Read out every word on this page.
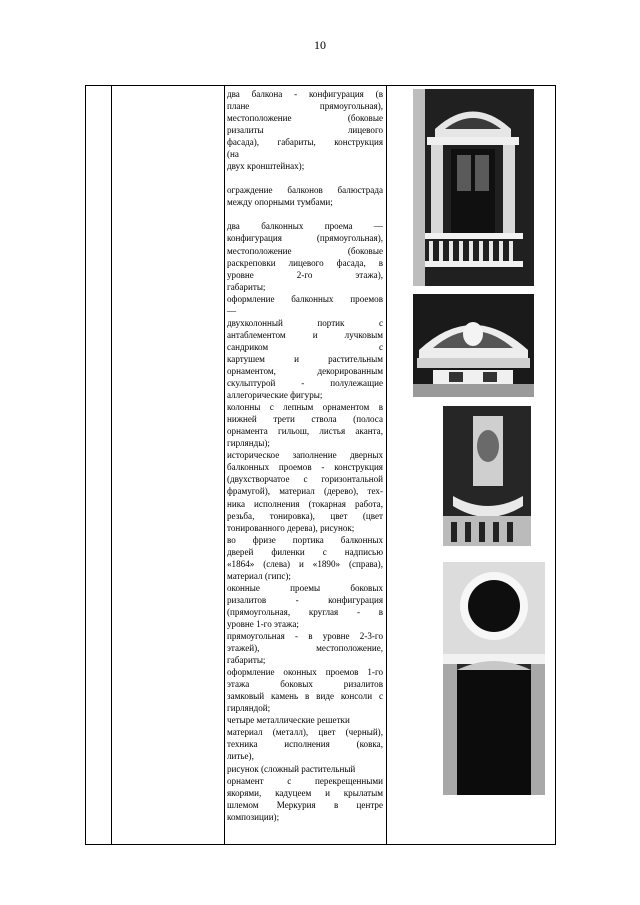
10

два балкона - конфигурация (в

плане прямоугольная),

местоположение (боковые

ризалиты лицевого

фасада), габариты, конструкция

(на

двух кронштейнах);

ограждение балконов балюстрада

между опорными тумбами;

два балконных проема —

конфигурация (прямоугольная),

местоположение (боковые

раскреповки лицевого фасада, в

уровне 2-го этажа),

габариты;

оформление балконных проемов

—

двухколонный портик с

антаблементом и лучковым

сандриком с

картушем и растительным

орнаментом, декорированным

скульптурой - полулежащие

аллегорические фигуры;

колонны с лепным орнаментом в

нижней трети ствола (полоса

орнамента гильош, листья аканта,

гирлянды);

историческое заполнение дверных

балконных проемов - конструкция

(двухстворчатое с горизонтальной

фрамугой), материал (дерево), тех-

ника исполнения (токарная работа,

резьба, тонировка), цвет (цвет

тонированного дерева), рисунок;

во фризе портика балконных

дверей филенки с надписью

«1864» (слева) и «1890» (справа),

материал (гипс);

оконные проемы боковых

ризалитов - конфигурация

(прямоугольная, круглая - в

уровне 1-го этажа;

прямоугольная - в уровне 2-3-го

этажей), местоположение,

габариты;

оформление оконных проемов 1-го

этажа боковых ризалитов

замковый камень в виде консоли с

гирляндой;

четыре металлические решетки

материал (металл), цвет (черный),

техника исполнения (ковка,

литье),

рисунок (сложный растительный

орнамент с перекрещенными

якорями, кадуцеем и крылатым

шлемом Меркурия в центре

композиции);
